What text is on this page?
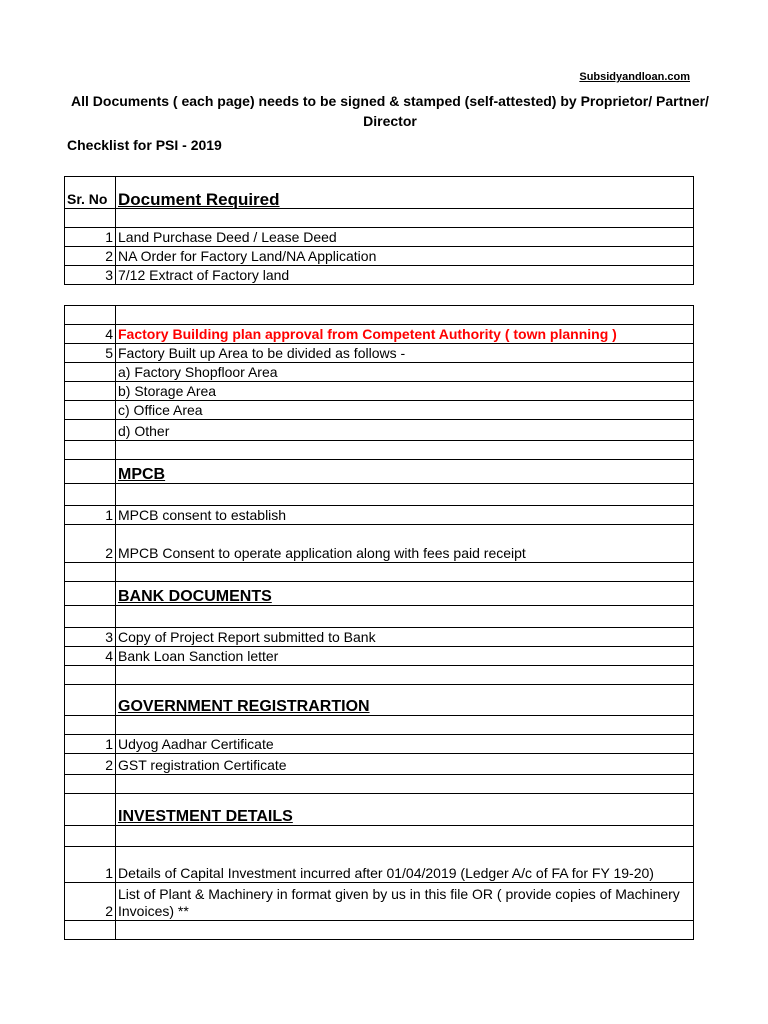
Subsidyandloan.com
All Documents ( each page) needs to be signed & stamped (self-attested) by Proprietor/ Partner/ Director
Checklist for PSI - 2019
Sr. No	Document Required

1	Land Purchase Deed / Lease Deed
2	NA Order for Factory Land/NA Application
3	7/12 Extract of Factory land

4	Factory Building plan approval from Competent Authority ( town planning )
5	Factory Built up Area to be divided as follows -
	a) Factory Shopfloor Area
	b) Storage Area
	c) Office Area
	d) Other

	MPCB

1	MPCB consent to establish
2	MPCB Consent to operate application along with fees paid receipt

	BANK DOCUMENTS

3	Copy of Project Report submitted to Bank
4	Bank Loan Sanction letter

	GOVERNMENT REGISTRARTION

1	Udyog Aadhar Certificate
2	GST registration Certificate

	INVESTMENT DETAILS

1	Details of Capital Investment incurred after 01/04/2019 (Ledger A/c of FA for FY 19-20)
2	List of Plant & Machinery in format given by us in this file OR ( provide copies of Machinery Invoices) **
